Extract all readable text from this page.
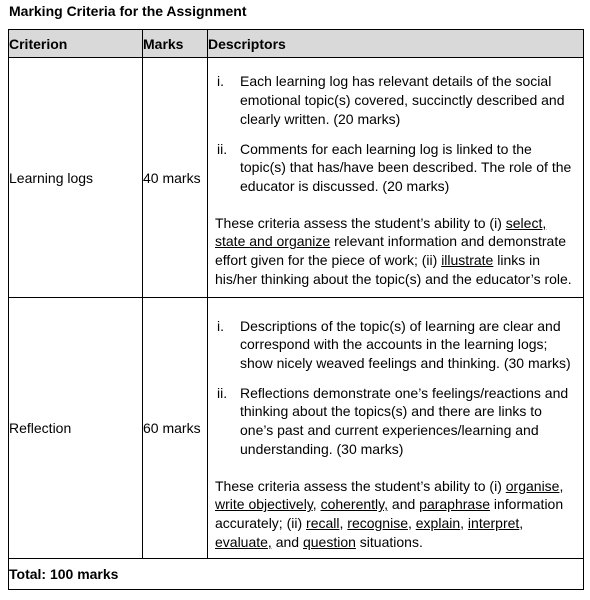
Marking Criteria for the Assignment
Criterion	Marks	Descriptors
Learning logs	40 marks	i. Each learning log has relevant details of the social emotional topic(s) covered, succinctly described and clearly written. (20 marks)
ii. Comments for each learning log is linked to the topic(s) that has/have been described. The role of the educator is discussed. (20 marks)
These criteria assess the student’s ability to (i) select, state and organize relevant information and demonstrate effort given for the piece of work; (ii) illustrate links in his/her thinking about the topic(s) and the educator’s role.

Reflection	60 marks	i. Descriptions of the topic(s) of learning are clear and correspond with the accounts in the learning logs; show nicely weaved feelings and thinking. (30 marks)
ii. Reflections demonstrate one’s feelings/reactions and thinking about the topics(s) and there are links to one’s past and current experiences/learning and understanding. (30 marks)
These criteria assess the student’s ability to (i) organise, write objectively, coherently, and paraphrase information accurately; (ii) recall, recognise, explain, interpret, evaluate, and question situations.

Total: 100 marks		
